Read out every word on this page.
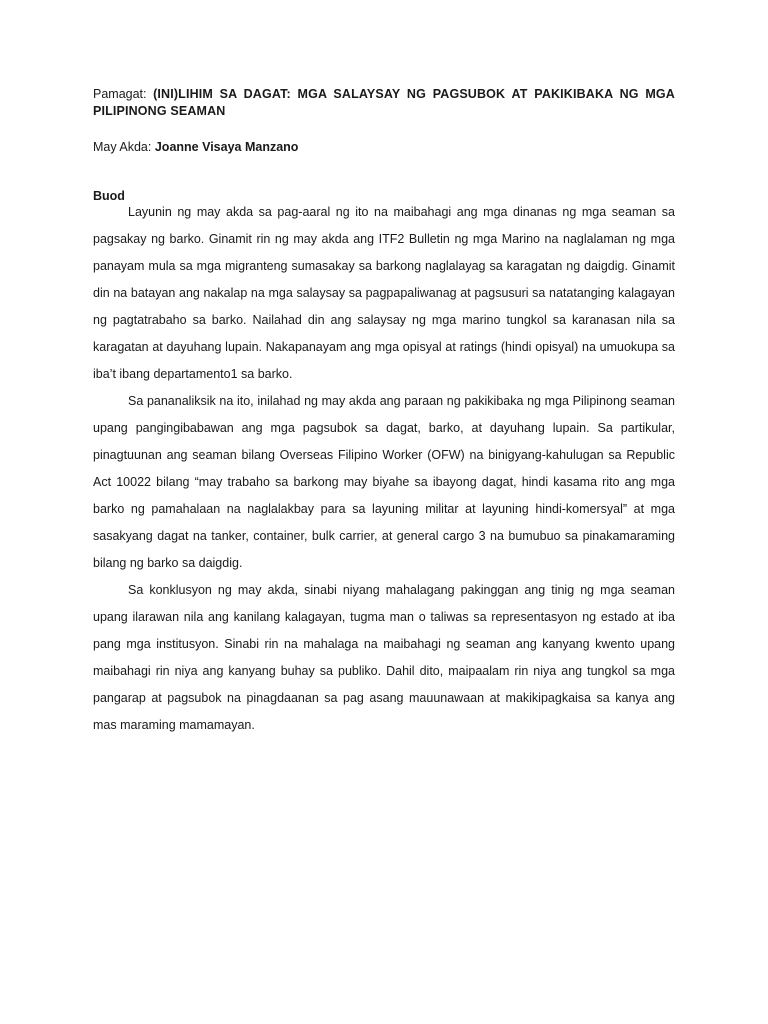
Pamagat: (INI)LIHIM SA DAGAT: MGA SALAYSAY NG PAGSUBOK AT PAKIKIBAKA NG MGA PILIPINONG SEAMAN

May Akda: Joanne Visaya Manzano

Buod

Layunin ng may akda sa pag-aaral ng ito na maibahagi ang mga dinanas ng mga seaman sa pagsakay ng barko. Ginamit rin ng may akda ang ITF2 Bulletin ng mga Marino na naglalaman ng mga panayam mula sa mga migranteng sumasakay sa barkong naglalayag sa karagatan ng daigdig. Ginamit din na batayan ang nakalap na mga salaysay sa pagpapaliwanag at pagsusuri sa natatanging kalagayan ng pagtatrabaho sa barko. Nailahad din ang salaysay ng mga marino tungkol sa karanasan nila sa karagatan at dayuhang lupain. Nakapanayam ang mga opisyal at ratings (hindi opisyal) na umuokupa sa iba’t ibang departamento1 sa barko.

Sa pananaliksik na ito, inilahad ng may akda ang paraan ng pakikibaka ng mga Pilipinong seaman upang pangingibabawan ang mga pagsubok sa dagat, barko, at dayuhang lupain. Sa partikular, pinagtuunan ang seaman bilang Overseas Filipino Worker (OFW) na binigyang-kahulugan sa Republic Act 10022 bilang “may trabaho sa barkong may biyahe sa ibayong dagat, hindi kasama rito ang mga barko ng pamahalaan na naglalakbay para sa layuning militar at layuning hindi-komersyal” at mga sasakyang dagat na tanker, container, bulk carrier, at general cargo 3 na bumubuo sa pinakamaraming bilang ng barko sa daigdig.

Sa konklusyon ng may akda, sinabi niyang mahalagang pakinggan ang tinig ng mga seaman upang ilarawan nila ang kanilang kalagayan, tugma man o taliwas sa representasyon ng estado at iba pang mga institusyon. Sinabi rin na mahalaga na maibahagi ng seaman ang kanyang kwento upang maibahagi rin niya ang kanyang buhay sa publiko. Dahil dito, maipaalam rin niya ang tungkol sa mga pangarap at pagsubok na pinagdaanan sa pag asang mauunawaan at makikipagkaisa sa kanya ang mas maraming mamamayan.
